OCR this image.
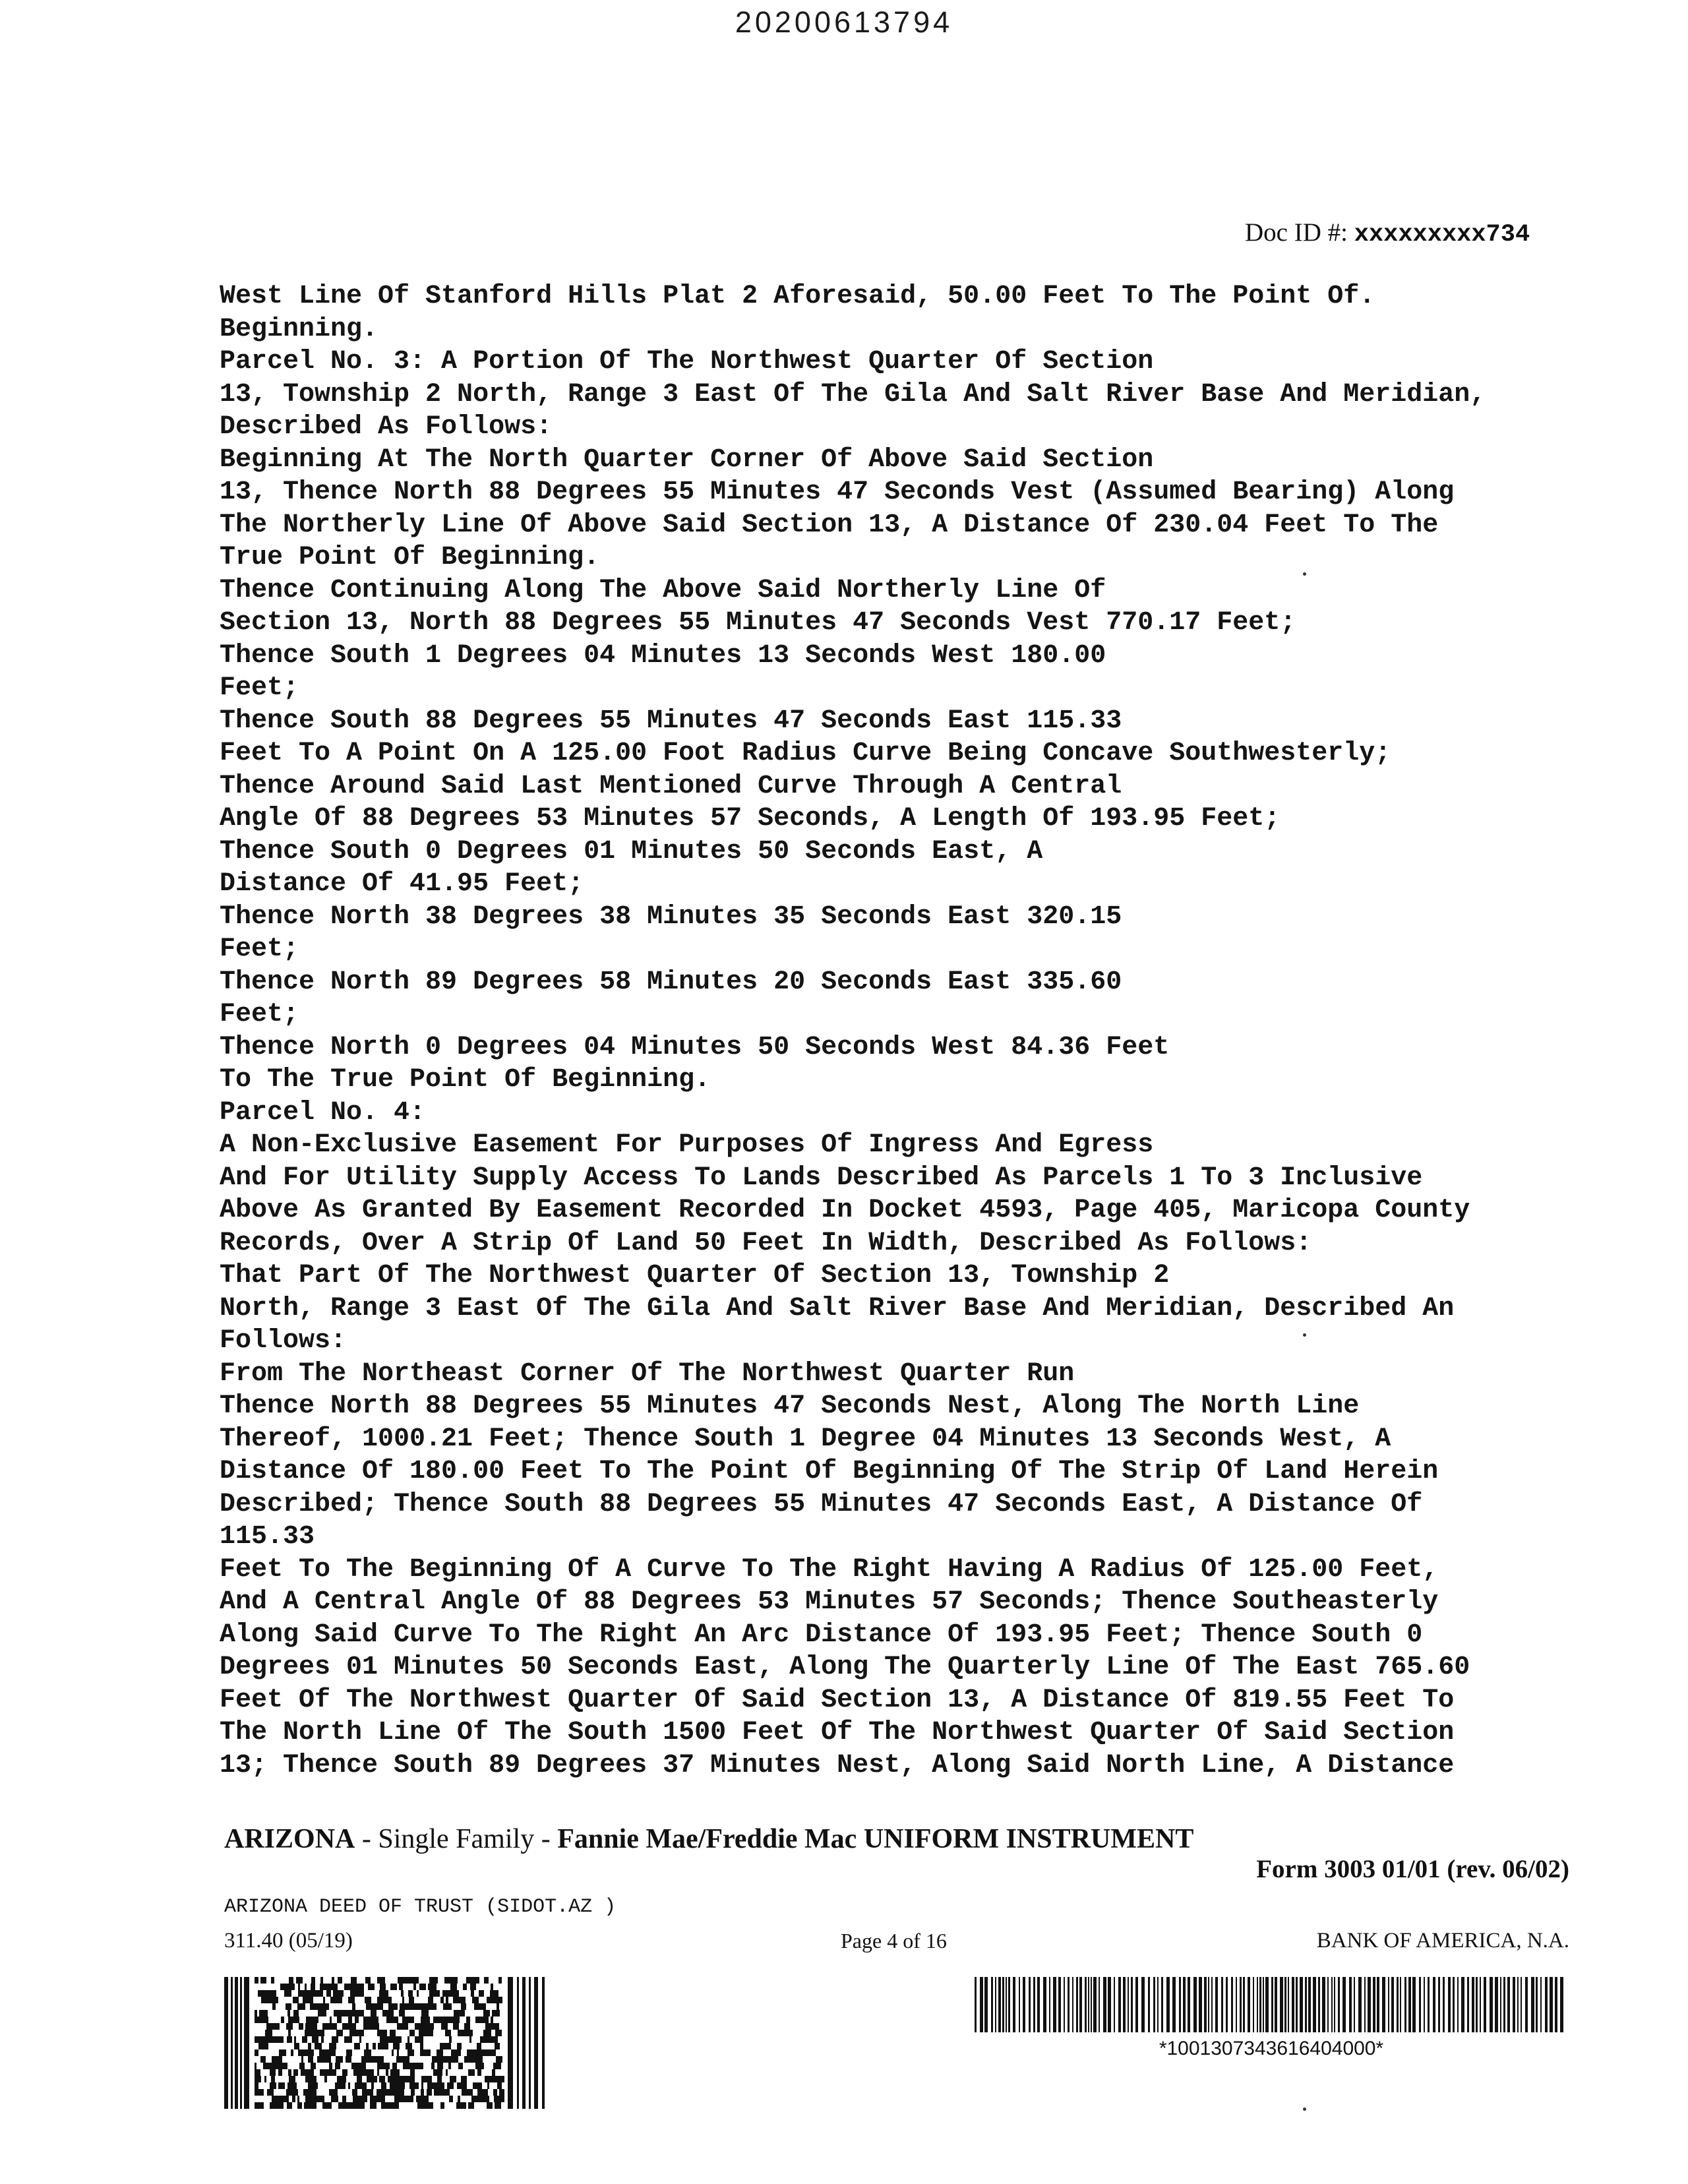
20200613794
Doc ID #: xxxxxxxxx734
West Line Of Stanford Hills Plat 2 Aforesaid, 50.00 Feet To The Point Of.
Beginning.
Parcel No. 3: A Portion Of The Northwest Quarter Of Section
13, Township 2 North, Range 3 East Of The Gila And Salt River Base And Meridian,
Described As Follows:
Beginning At The North Quarter Corner Of Above Said Section
13, Thence North 88 Degrees 55 Minutes 47 Seconds Vest (Assumed Bearing) Along
The Northerly Line Of Above Said Section 13, A Distance Of 230.04 Feet To The
True Point Of Beginning.
Thence Continuing Along The Above Said Northerly Line Of
Section 13, North 88 Degrees 55 Minutes 47 Seconds Vest 770.17 Feet;
Thence South 1 Degrees 04 Minutes 13 Seconds West 180.00
Feet;
Thence South 88 Degrees 55 Minutes 47 Seconds East 115.33
Feet To A Point On A 125.00 Foot Radius Curve Being Concave Southwesterly;
Thence Around Said Last Mentioned Curve Through A Central
Angle Of 88 Degrees 53 Minutes 57 Seconds, A Length Of 193.95 Feet;
Thence South 0 Degrees 01 Minutes 50 Seconds East, A
Distance Of 41.95 Feet;
Thence North 38 Degrees 38 Minutes 35 Seconds East 320.15
Feet;
Thence North 89 Degrees 58 Minutes 20 Seconds East 335.60
Feet;
Thence North 0 Degrees 04 Minutes 50 Seconds West 84.36 Feet
To The True Point Of Beginning.
Parcel No. 4:
A Non-Exclusive Easement For Purposes Of Ingress And Egress
And For Utility Supply Access To Lands Described As Parcels 1 To 3 Inclusive
Above As Granted By Easement Recorded In Docket 4593, Page 405, Maricopa County
Records, Over A Strip Of Land 50 Feet In Width, Described As Follows:
That Part Of The Northwest Quarter Of Section 13, Township 2
North, Range 3 East Of The Gila And Salt River Base And Meridian, Described An
Follows:
From The Northeast Corner Of The Northwest Quarter Run
Thence North 88 Degrees 55 Minutes 47 Seconds Nest, Along The North Line
Thereof, 1000.21 Feet; Thence South 1 Degree 04 Minutes 13 Seconds West, A
Distance Of 180.00 Feet To The Point Of Beginning Of The Strip Of Land Herein
Described; Thence South 88 Degrees 55 Minutes 47 Seconds East, A Distance Of
115.33
Feet To The Beginning Of A Curve To The Right Having A Radius Of 125.00 Feet,
And A Central Angle Of 88 Degrees 53 Minutes 57 Seconds; Thence Southeasterly
Along Said Curve To The Right An Arc Distance Of 193.95 Feet; Thence South 0
Degrees 01 Minutes 50 Seconds East, Along The Quarterly Line Of The East 765.60
Feet Of The Northwest Quarter Of Said Section 13, A Distance Of 819.55 Feet To
The North Line Of The South 1500 Feet Of The Northwest Quarter Of Said Section
13; Thence South 89 Degrees 37 Minutes Nest, Along Said North Line, A Distance
ARIZONA - Single Family - Fannie Mae/Freddie Mac UNIFORM INSTRUMENT
Form 3003 01/01 (rev. 06/02)
ARIZONA DEED OF TRUST (SIDOT.AZ )
311.40 (05/19)	Page 4 of 16	BANK OF AMERICA, N.A.
*1001307343616404000*
